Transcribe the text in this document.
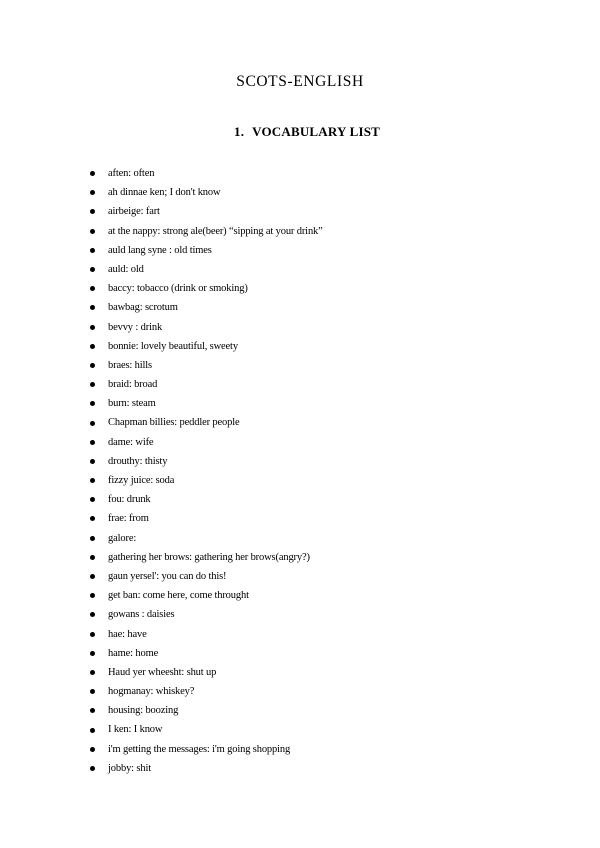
SCOTS-ENGLISH
1. VOCABULARY LIST
aften: often
ah dinnae ken; I don't know
airbeige: fart
at the nappy: strong ale(beer) “sipping at your drink”
auld lang syne : old times
auld: old
baccy: tobacco (drink or smoking)
bawbag: scrotum
bevvy : drink
bonnie: lovely beautiful, sweety
braes: hills
braid: broad
burn: steam
Chapman billies: peddler people
dame: wife
drouthy: thisty
fizzy juice: soda
fou: drunk
frae: from
galore:
gathering her brows: gathering her brows(angry?)
gaun yersel': you can do this!
get ban: come here, come throught
gowans : daisies
hae: have
hame: home
Haud yer wheesht: shut up
hogmanay: whiskey?
housing: boozing
I ken: I know
i'm getting the messages: i'm going shopping
jobby: shit
